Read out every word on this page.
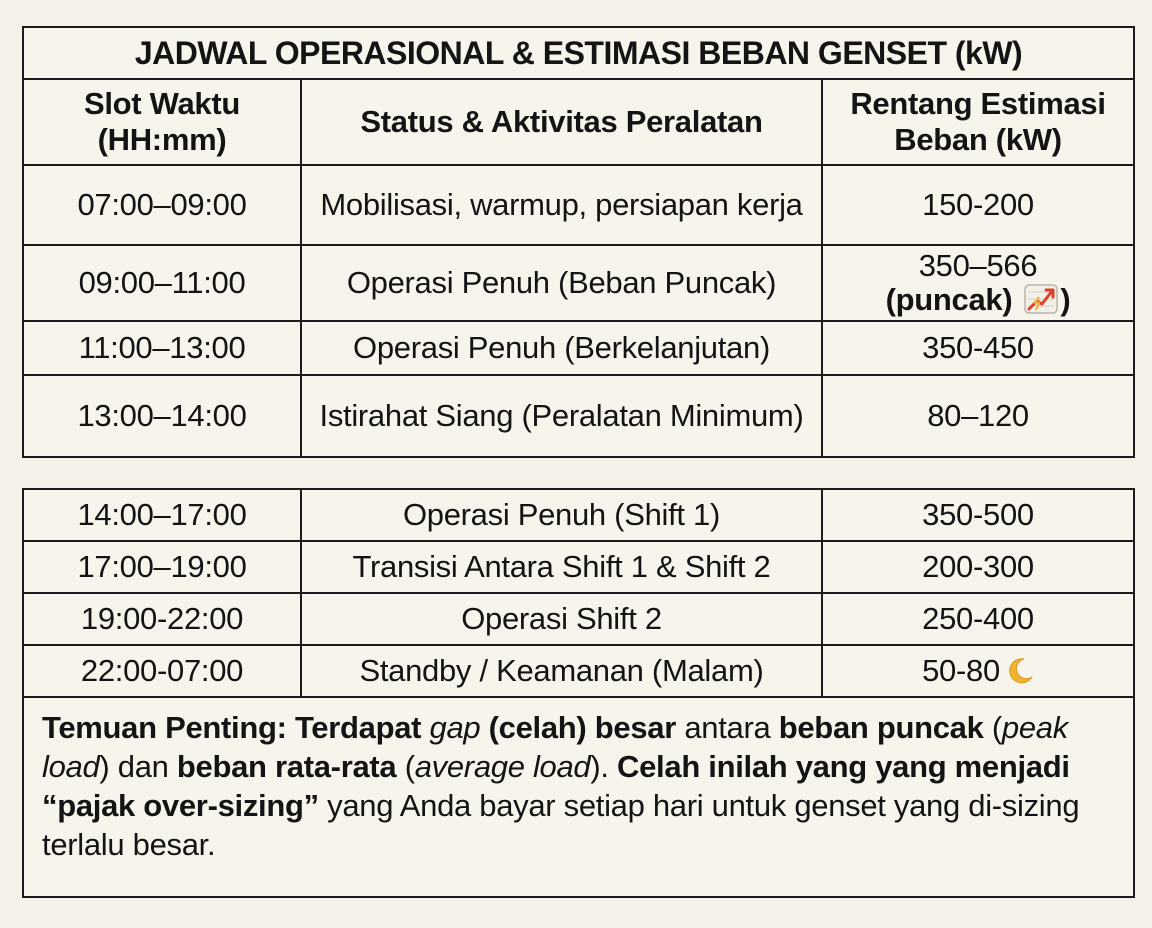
JADWAL OPERASIONAL & ESTIMASI BEBAN GENSET (kW)		
Slot Waktu (HH:mm)	Status & Aktivitas Peralatan	Rentang Estimasi Beban (kW)
07:00–09:00	Mobilisasi, warmup, persiapan kerja	150-200
09:00–11:00	Operasi Penuh (Beban Puncak)	350–566
(puncak) )
11:00–13:00	Operasi Penuh (Berkelanjutan)	350-450
13:00–14:00	Istirahat Siang (Peralatan Minimum)	80–120
14:00–17:00	Operasi Penuh (Shift 1)	350-500
17:00–19:00	Transisi Antara Shift 1 & Shift 2	200-300
19:00-22:00	Operasi Shift 2	250-400
22:00-07:00	Standby / Keamanan (Malam)	50-80
Temuan Penting: Terdapat gap (celah) besar antara beban puncak (peak load) dan beban rata-rata (average load). Celah inilah yang yang menjadi “pajak over-sizing” yang Anda bayar setiap hari untuk genset yang di-sizing terlalu besar.		
